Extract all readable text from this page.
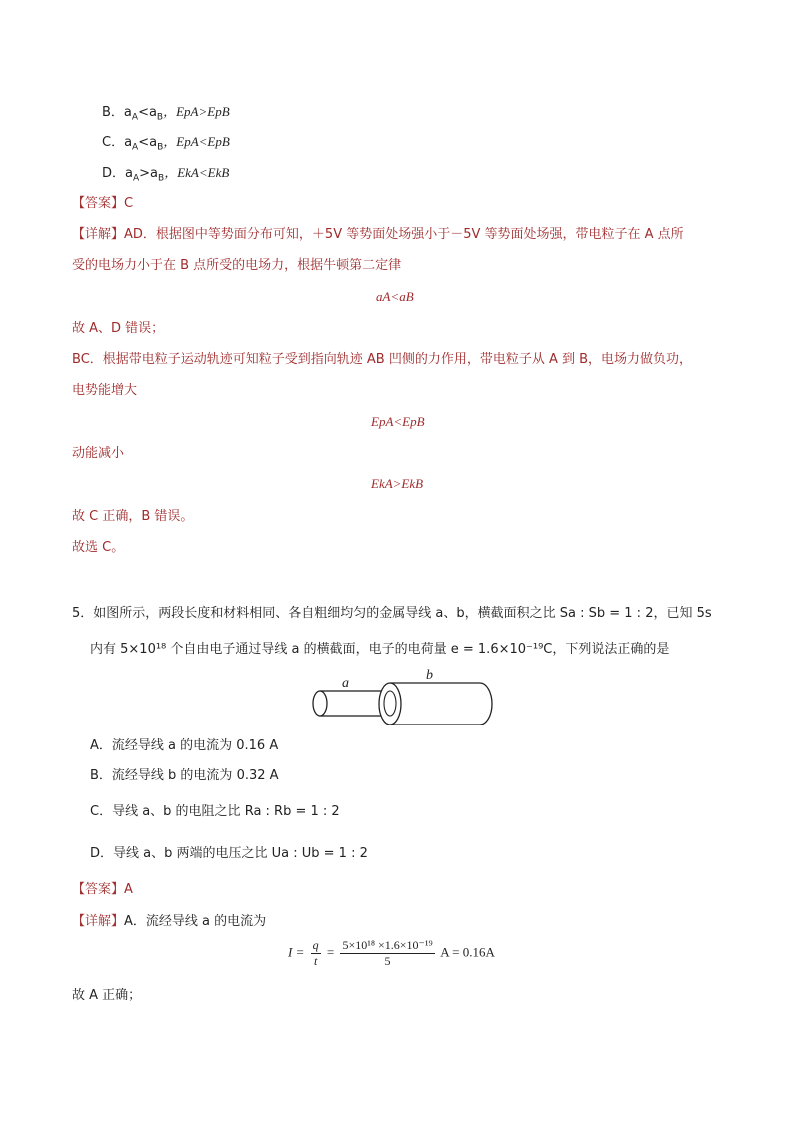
B．$a_A<a_B$，EpA>EpB
C．$a_A<a_B$，EpA<EpB
D．$a_A>a_B$，EkA<EkB
【答案】C
【详解】AD．根据图中等势面分布可知，＋5V 等势面处场强小于－5V 等势面处场强，带电粒子在 A 点所
受的电场力小于在 B 点所受的电场力，根据牛顿第二定律
aA<aB
故 A、D 错误；
BC．根据带电粒子运动轨迹可知粒子受到指向轨迹 AB 凹侧的力作用，带电粒子从 A 到 B，电场力做负功，
电势能增大
EpA<EpB
动能减小
EkA>EkB
故 C 正确，B 错误。
故选 C。
5．如图所示，两段长度和材料相同、各自粗细均匀的金属导线 a、b，横截面积之比 Sa : Sb = 1 : 2，已知 5s
内有 5×10¹⁸ 个自由电子通过导线 a 的横截面，电子的电荷量 e = 1.6×10⁻¹⁹C，下列说法正确的是
a
b
A．流经导线 a 的电流为 0.16 A
B．流经导线 b 的电流为 0.32 A
C．导线 a、b 的电阻之比 Ra : Rb = 1 : 2
D．导线 a、b 两端的电压之比 Ua : Ub = 1 : 2
【答案】A
【详解】A．流经导线 a 的电流为
$I = \frac{q}{t} = \frac{\text{5×10¹⁸ ×1.6×10⁻¹⁹}}{5}$ A = 0.16A
故 A 正确；
